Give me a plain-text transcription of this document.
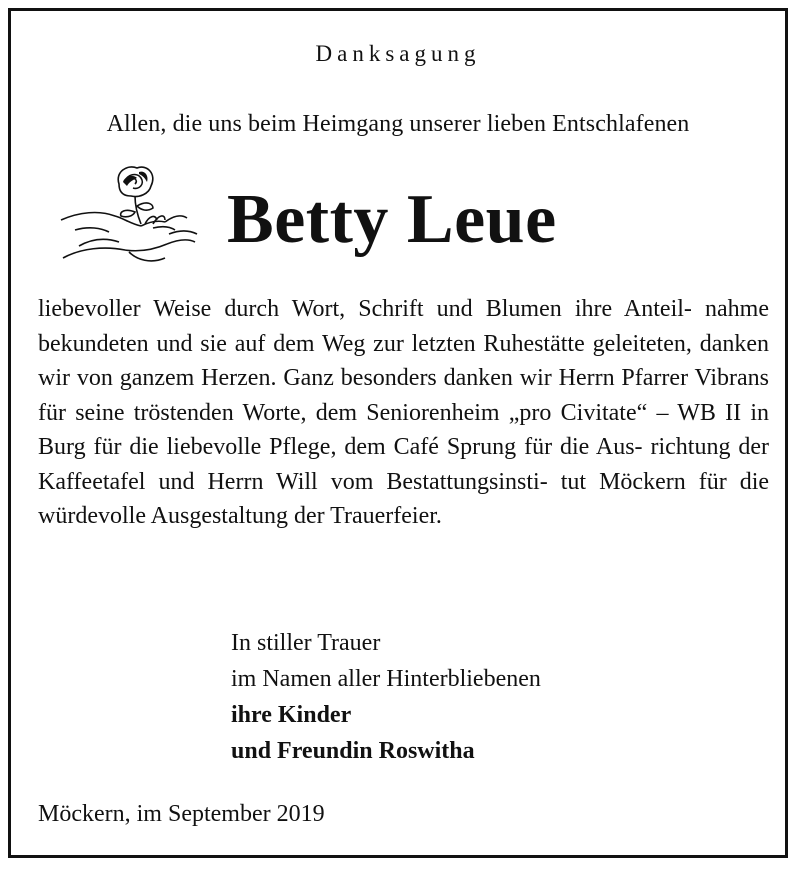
Danksagung
Allen, die uns beim Heimgang unserer lieben Entschlafenen
Betty Leue
liebevoller Weise durch Wort, Schrift und Blumen ihre Anteil- nahme bekundeten und sie auf dem Weg zur letzten Ruhestätte geleiteten, danken wir von ganzem Herzen. Ganz besonders danken wir Herrn Pfarrer Vibrans für seine tröstenden Worte, dem Seniorenheim „pro Civitate“ – WB II in Burg für die liebevolle Pflege, dem Café Sprung für die Aus- richtung der Kaffeetafel und Herrn Will vom Bestattungsinsti- tut Möckern für die würdevolle Ausgestaltung der Trauerfeier.
In stiller Trauer
im Namen aller Hinterbliebenen
ihre Kinder
und Freundin Roswitha
Möckern, im September 2019
